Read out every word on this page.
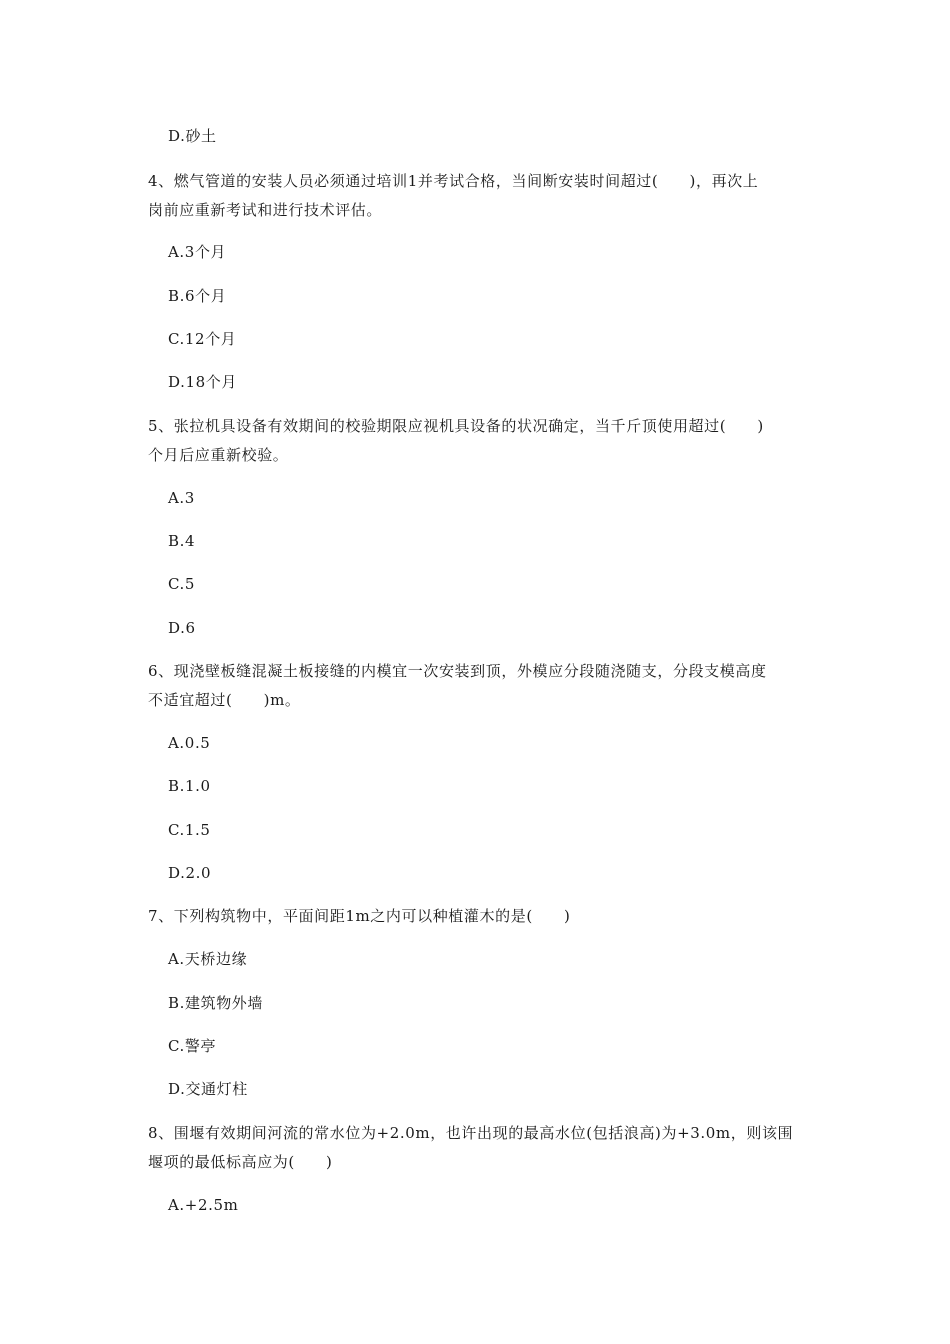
D.砂土
4、燃气管道的安装人员必须通过培训1并考试合格，当间断安装时间超过(　　)，再次上
岗前应重新考试和进行技术评估。
A.3个月
B.6个月
C.12个月
D.18个月
5、张拉机具设备有效期间的校验期限应视机具设备的状况确定，当千斤顶使用超过(　　)
个月后应重新校验。
A.3
B.4
C.5
D.6
6、现浇壁板缝混凝土板接缝的内模宜一次安装到顶，外模应分段随浇随支，分段支模高度
不适宜超过(　　)m。
A.0.5
B.1.0
C.1.5
D.2.0
7、下列构筑物中，平面间距1m之内可以种植灌木的是(　　)
A.天桥边缘
B.建筑物外墙
C.警亭
D.交通灯柱
8、围堰有效期间河流的常水位为+2.0m，也许出现的最高水位(包括浪高)为+3.0m，则该围
堰项的最低标高应为(　　)
A.+2.5m
